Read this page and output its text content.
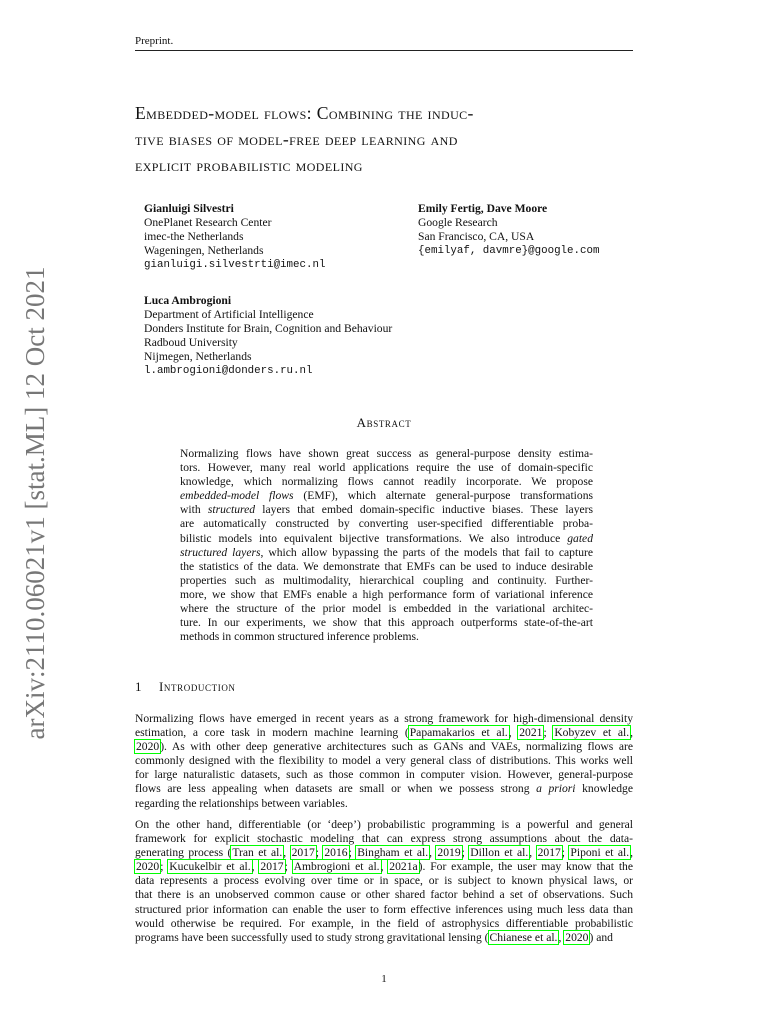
Preprint.
Embedded-model flows: Combining the induc-
tive biases of model-free deep learning and
explicit probabilistic modeling
Gianluigi Silvestri
OnePlanet Research Center
imec-the Netherlands
Wageningen, Netherlands
gianluigi.silvestrti@imec.nl
Emily Fertig, Dave Moore
Google Research
San Francisco, CA, USA
{emilyaf, davmre}@google.com
Luca Ambrogioni
Department of Artificial Intelligence
Donders Institute for Brain, Cognition and Behaviour
Radboud University
Nijmegen, Netherlands
l.ambrogioni@donders.ru.nl
arXiv:2110.06021v1 [stat.ML] 12 Oct 2021	Abstract
Normalizing flows have shown great success as general-purpose density estima-
tors. However, many real world applications require the use of domain-specific
knowledge, which normalizing flows cannot readily incorporate. We propose
embedded-model flows (EMF), which alternate general-purpose transformations
with structured layers that embed domain-specific inductive biases. These layers
are automatically constructed by converting user-specified differentiable proba-
bilistic models into equivalent bijective transformations. We also introduce gated
structured layers, which allow bypassing the parts of the models that fail to capture
the statistics of the data. We demonstrate that EMFs can be used to induce desirable
properties such as multimodality, hierarchical coupling and continuity. Further-
more, we show that EMFs enable a high performance form of variational inference
where the structure of the prior model is embedded in the variational architec-
ture. In our experiments, we show that this approach outperforms state-of-the-art
methods in common structured inference problems.
1 Introduction
Normalizing flows have emerged in recent years as a strong framework for high-dimensional density
estimation, a core task in modern machine learning (Papamakarios et al., 2021; Kobyzev et al.,
2020). As with other deep generative architectures such as GANs and VAEs, normalizing flows are
commonly designed with the flexibility to model a very general class of distributions. This works well
for large naturalistic datasets, such as those common in computer vision. However, general-purpose
flows are less appealing when datasets are small or when we possess strong a priori knowledge
regarding the relationships between variables.
On the other hand, differentiable (or ‘deep’) probabilistic programming is a powerful and general
framework for explicit stochastic modeling that can express strong assumptions about the data-
generating process (Tran et al., 2017; 2016; Bingham et al., 2019; Dillon et al., 2017; Piponi et al.,
2020; Kucukelbir et al., 2017; Ambrogioni et al., 2021a). For example, the user may know that the
data represents a process evolving over time or in space, or is subject to known physical laws, or
that there is an unobserved common cause or other shared factor behind a set of observations. Such
structured prior information can enable the user to form effective inferences using much less data than
would otherwise be required. For example, in the field of astrophysics differentiable probabilistic
programs have been successfully used to study strong gravitational lensing (Chianese et al., 2020) and
1
